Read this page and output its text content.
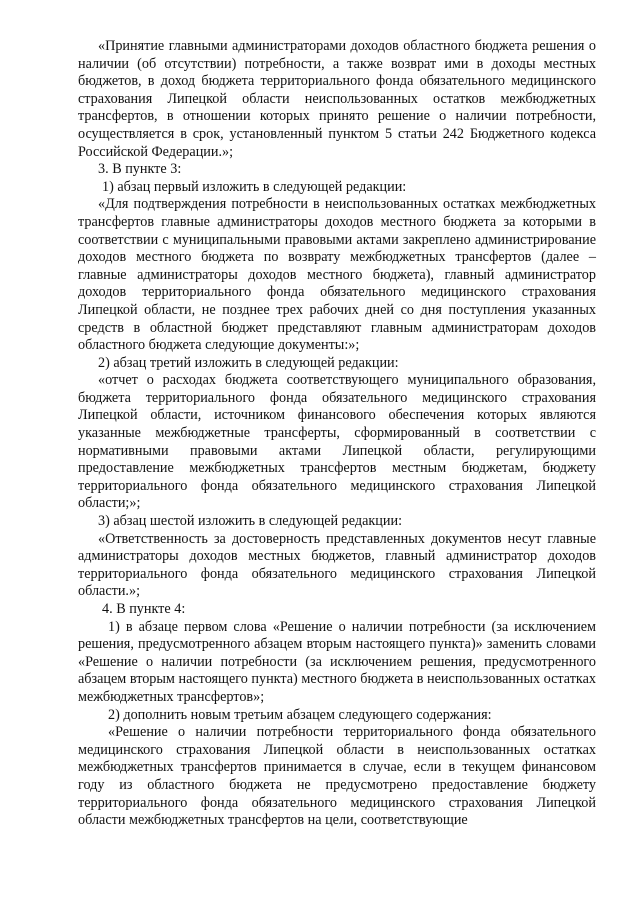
«Принятие главными администраторами доходов областного бюджета решения о наличии (об отсутствии) потребности, а также возврат ими в доходы местных бюджетов, в доход бюджета территориального фонда обязательного медицинского страхования Липецкой области неиспользованных остатков межбюджетных трансфертов, в отношении которых принято решение о наличии потребности, осуществляется в срок, установленный пунктом 5 статьи 242 Бюджетного кодекса Российской Федерации.»;

3. В пункте 3:

1) абзац первый изложить в следующей редакции:

«Для подтверждения потребности в неиспользованных остатках межбюджетных трансфертов главные администраторы доходов местного бюджета за которыми в соответствии с муниципальными правовыми актами закреплено администрирование доходов местного бюджета по возврату межбюджетных трансфертов (далее – главные администраторы доходов местного бюджета), главный администратор доходов территориального фонда обязательного медицинского страхования Липецкой области, не позднее трех рабочих дней со дня поступления указанных средств в областной бюджет представляют главным администраторам доходов областного бюджета следующие документы:»;

2) абзац третий изложить в следующей редакции:

«отчет о расходах бюджета соответствующего муниципального образования, бюджета территориального фонда обязательного медицинского страхования Липецкой области, источником финансового обеспечения которых являются указанные межбюджетные трансферты, сформированный в соответствии с нормативными правовыми актами Липецкой области, регулирующими предоставление межбюджетных трансфертов местным бюджетам, бюджету территориального фонда обязательного медицинского страхования Липецкой области;»;

3) абзац шестой изложить в следующей редакции:

«Ответственность за достоверность представленных документов несут главные администраторы доходов местных бюджетов, главный администратор доходов территориального фонда обязательного медицинского страхования Липецкой области.»;

4. В пункте 4:

1) в абзаце первом слова «Решение о наличии потребности (за исключением решения, предусмотренного абзацем вторым настоящего пункта)» заменить словами «Решение о наличии потребности (за исключением решения, предусмотренного абзацем вторым настоящего пункта) местного бюджета в неиспользованных остатках межбюджетных трансфертов»;

2) дополнить новым третьим абзацем следующего содержания:

«Решение о наличии потребности территориального фонда обязательного медицинского страхования Липецкой области в неиспользованных остатках межбюджетных трансфертов принимается в случае, если в текущем финансовом году из областного бюджета не предусмотрено предоставление бюджету территориального фонда обязательного медицинского страхования Липецкой области межбюджетных трансфертов на цели, соответствующие
